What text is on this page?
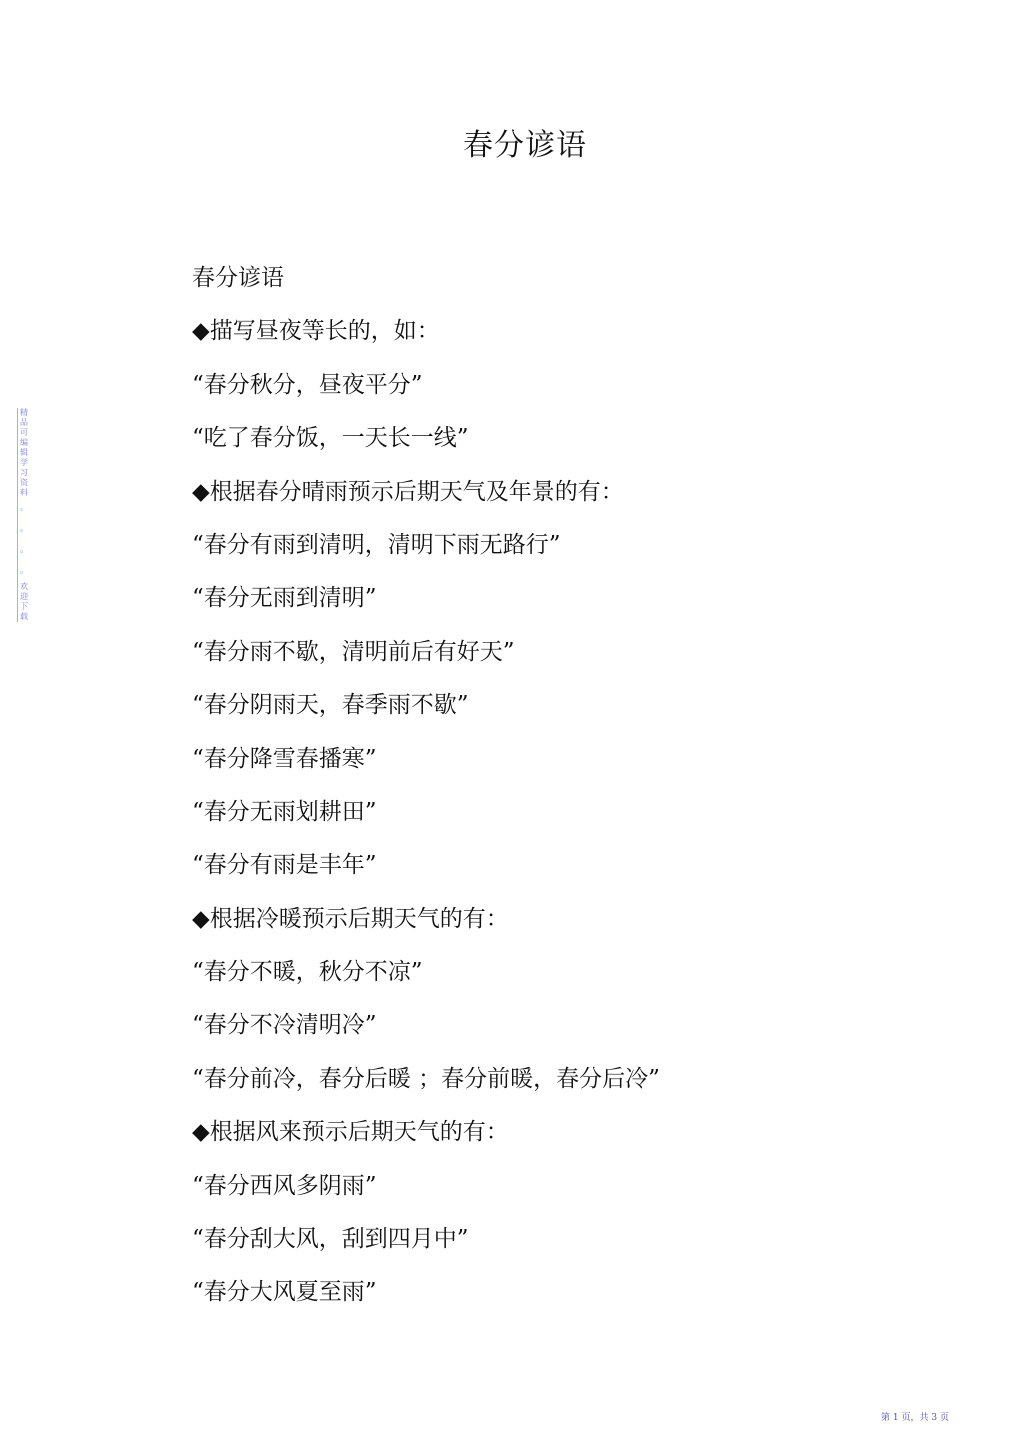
春分谚语
春分谚语
◆描写昼夜等长的，如：
“春分秋分，昼夜平分”
“吃了春分饭，一天长一线”
◆根据春分晴雨预示后期天气及年景的有：
“春分有雨到清明，清明下雨无路行”
“春分无雨到清明”
“春分雨不歇，清明前后有好天”
“春分阴雨天，春季雨不歇”
“春分降雪春播寒”
“春分无雨划耕田”
“春分有雨是丰年”
◆根据冷暖预示后期天气的有：
“春分不暖，秋分不凉”
“春分不冷清明冷”
“春分前冷，春分后暖 ；春分前暖，春分后冷”
◆根据风来预示后期天气的有：
“春分西风多阴雨”
“春分刮大风，刮到四月中”
“春分大风夏至雨”
精品可编辑学习资料
。
。
。
。
欢迎下载
第 1 页，共 3 页
